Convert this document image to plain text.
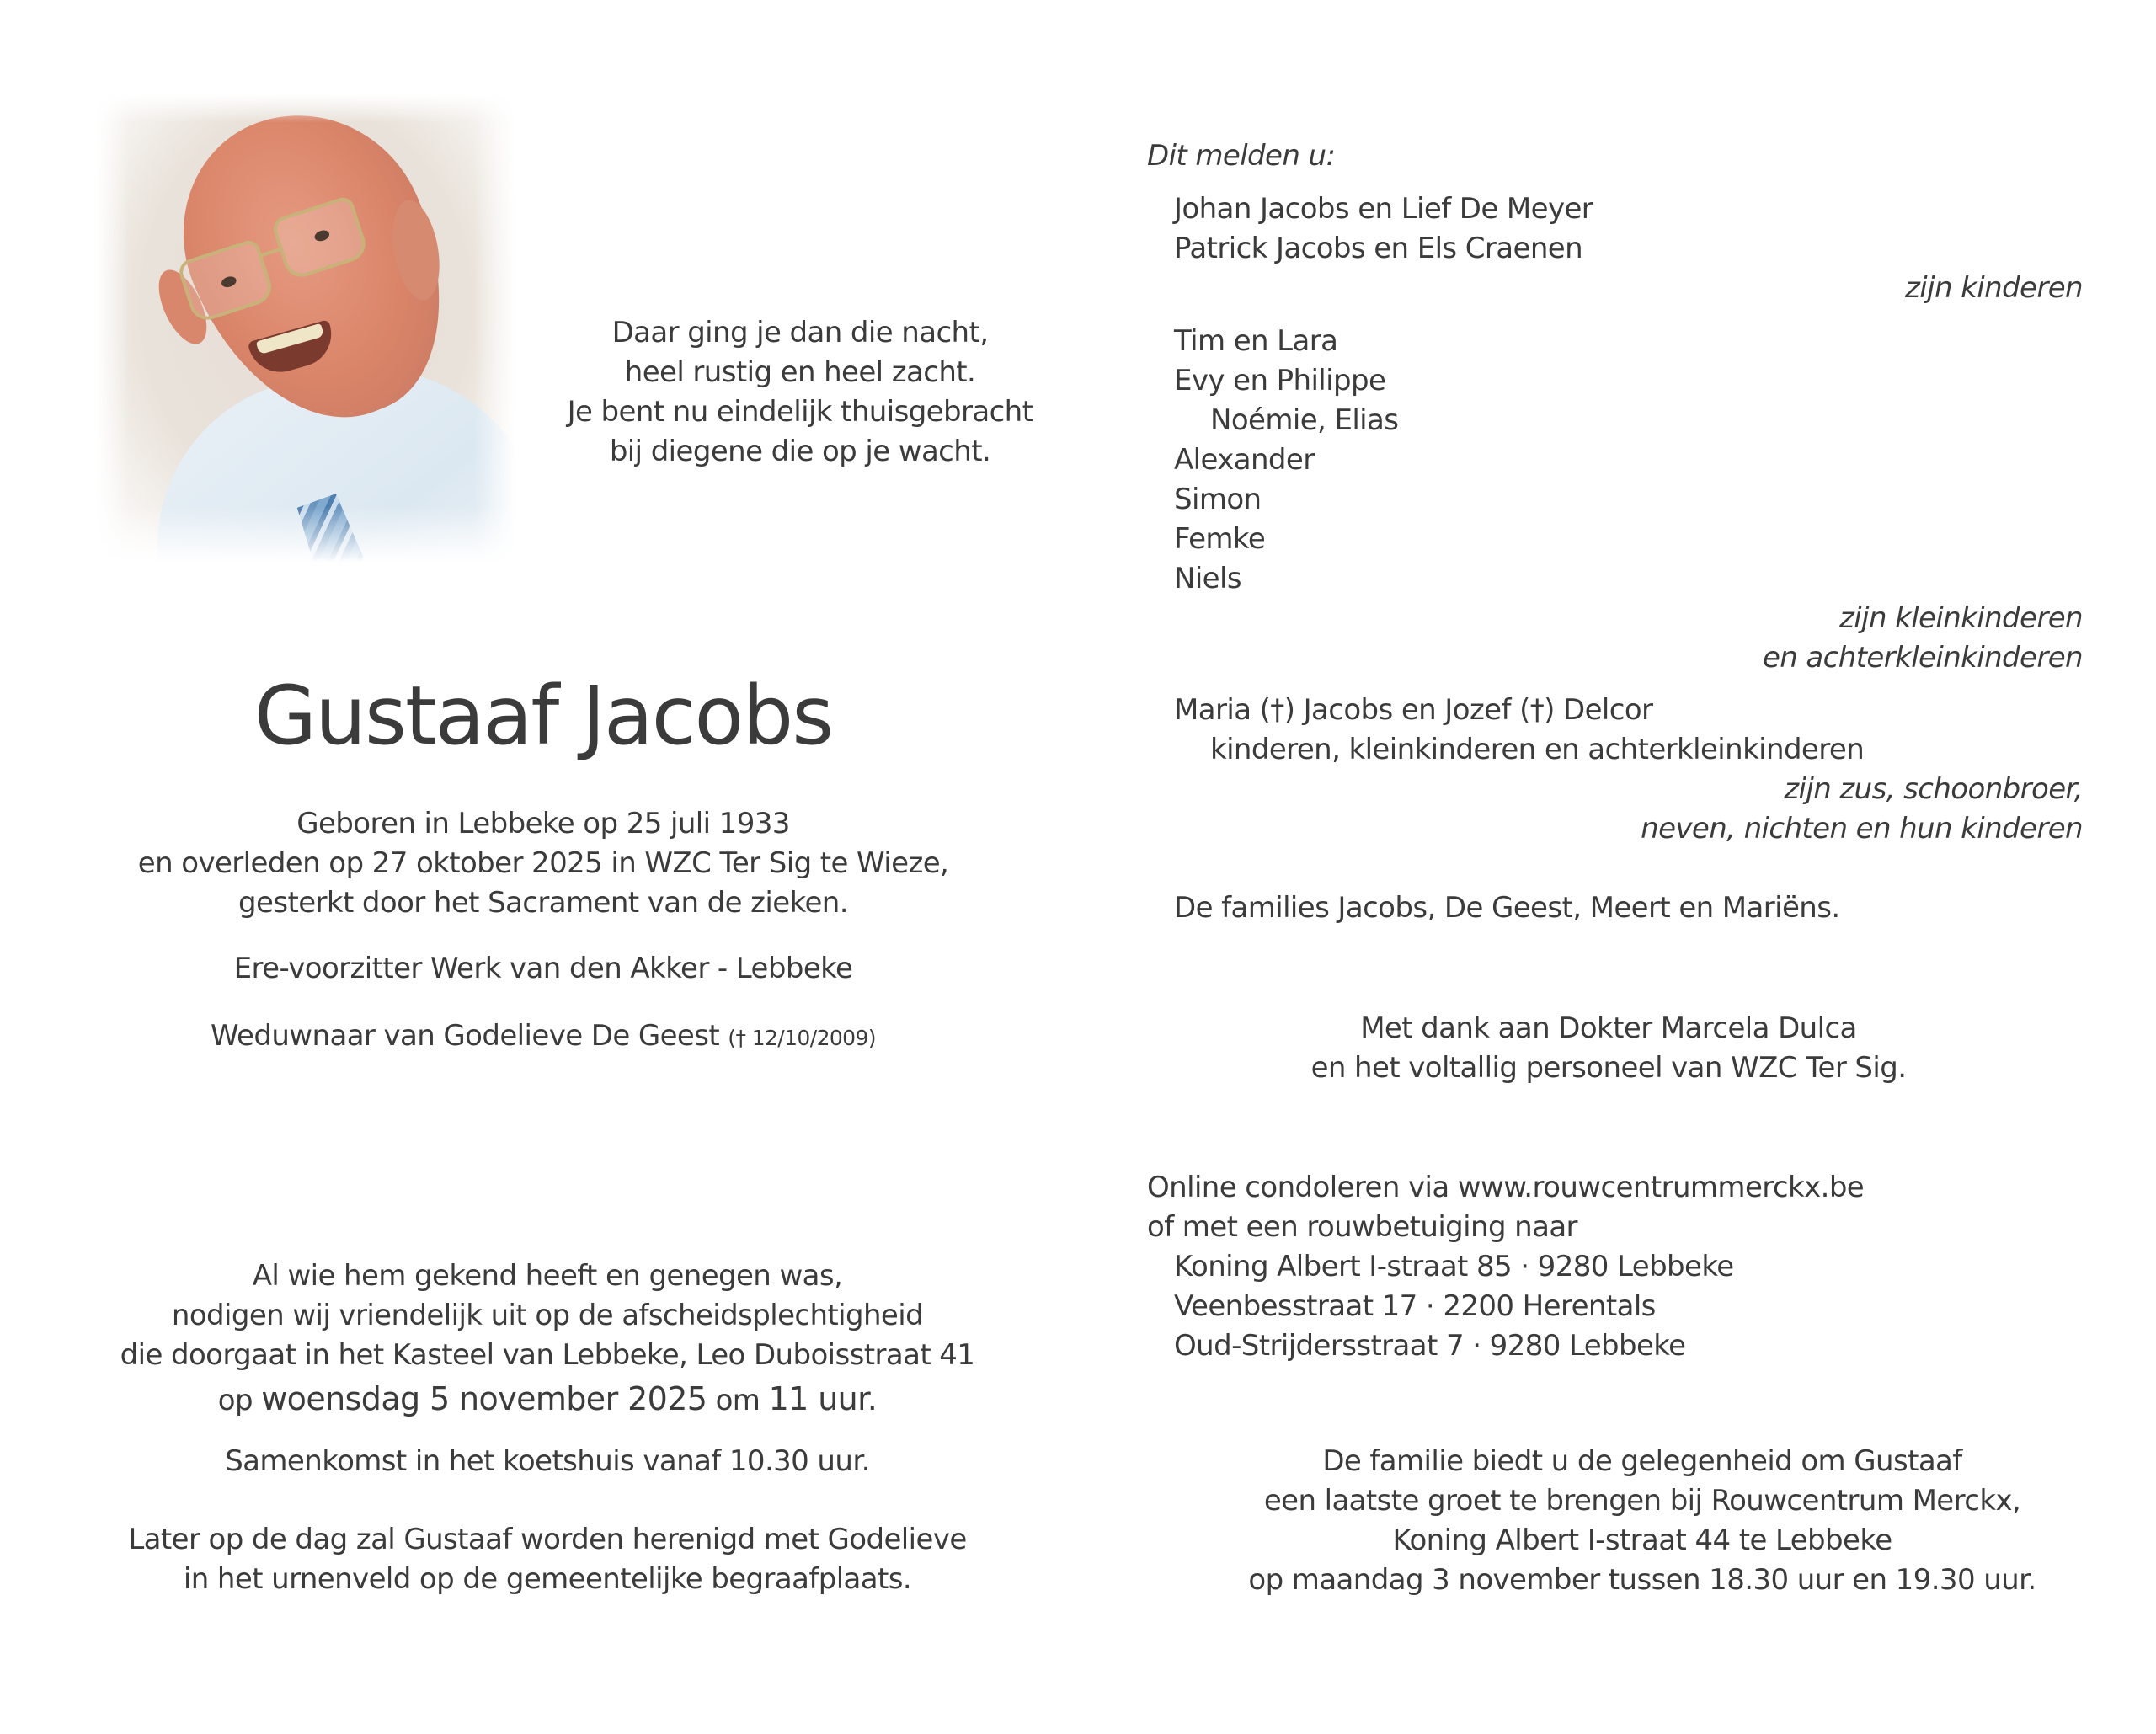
Daar ging je dan die nacht,
heel rustig en heel zacht.
Je bent nu eindelijk thuisgebracht
bij diegene die op je wacht.
Gustaaf Jacobs
Geboren in Lebbeke op 25 juli 1933
en overleden op 27 oktober 2025 in WZC Ter Sig te Wieze,
gesterkt door het Sacrament van de zieken.
Ere-voorzitter Werk van den Akker - Lebbeke
Weduwnaar van Godelieve De Geest († 12/10/2009)
Al wie hem gekend heeft en genegen was,
nodigen wij vriendelijk uit op de afscheidsplechtigheid
die doorgaat in het Kasteel van Lebbeke, Leo Duboisstraat 41
op woensdag 5 november 2025 om 11 uur.
Samenkomst in het koetshuis vanaf 10.30 uur.
Later op de dag zal Gustaaf worden herenigd met Godelieve
in het urnenveld op de gemeentelijke begraafplaats.
Dit melden u:
Johan Jacobs en Lief De Meyer
Patrick Jacobs en Els Craenen
zijn kinderen
Tim en Lara
Evy en Philippe
Noémie, Elias
Alexander
Simon
Femke
Niels
zijn kleinkinderen
en achterkleinkinderen
Maria (†) Jacobs en Jozef (†) Delcor
kinderen, kleinkinderen en achterkleinkinderen
zijn zus, schoonbroer,
neven, nichten en hun kinderen
De families Jacobs, De Geest, Meert en Mariëns.
Met dank aan Dokter Marcela Dulca
en het voltallig personeel van WZC Ter Sig.
Online condoleren via www.rouwcentrummerckx.be
of met een rouwbetuiging naar
Koning Albert I-straat 85 · 9280 Lebbeke
Veenbesstraat 17 · 2200 Herentals
Oud-Strijdersstraat 7 · 9280 Lebbeke
De familie biedt u de gelegenheid om Gustaaf
een laatste groet te brengen bij Rouwcentrum Merckx,
Koning Albert I-straat 44 te Lebbeke
op maandag 3 november tussen 18.30 uur en 19.30 uur.
